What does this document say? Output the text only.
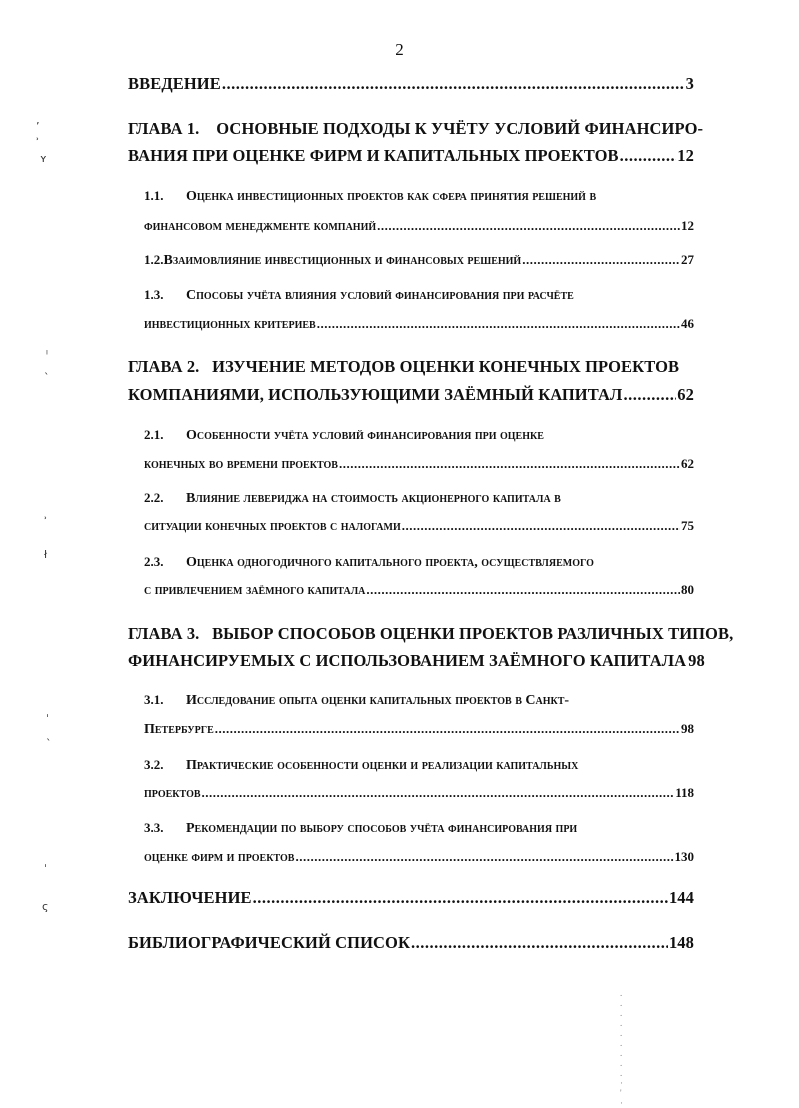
2
ВВЕДЕНИЕ .....	3
ГЛАВА 1.    ОСНОВНЫЕ ПОДХОДЫ К УЧЁТУ УСЛОВИЙ ФИНАНСИРО-
ВАНИЯ ПРИ ОЦЕНКЕ ФИРМ И КАПИТАЛЬНЫХ ПРОЕКТОВ .....	12
1.1.	Оценка инвестиционных проектов как сфера принятия решений в
финансовом менеджменте компаний .....	12
1.2. Взаимовлияние инвестиционных и финансовых решений .....	27
1.3.	Способы учёта влияния условий финансирования при расчёте
инвестиционных критериев .....	46
ГЛАВА 2.   ИЗУЧЕНИЕ МЕТОДОВ ОЦЕНКИ КОНЕЧНЫХ ПРОЕКТОВ
КОМПАНИЯМИ, ИСПОЛЬЗУЮЩИМИ ЗАЁМНЫЙ КАПИТАЛ .....	62
2.1.	Особенности учёта условий финансирования при оценке
конечных во времени проектов .....	62
2.2.	Влияние левериджа на стоимость акционерного капитала в
ситуации конечных проектов с налогами .....	75
2.3.	Оценка одногодичного капитального проекта, осуществляемого
с привлечением заёмного капитала .....	80
ГЛАВА 3.   ВЫБОР СПОСОБОВ ОЦЕНКИ ПРОЕКТОВ РАЗЛИЧНЫХ ТИПОВ,
ФИНАНСИРУЕМЫХ С ИСПОЛЬЗОВАНИЕМ ЗАЁМНОГО КАПИТАЛА 98
3.1.	Исследование опыта оценки капитальных проектов в Санкт-
Петербурге .....	98
3.2.	Практические особенности оценки и реализации капитальных
проектов .....	118
3.3.	Рекомендации по выбору способов учёта финансирования при
оценке фирм и проектов .....	130
ЗАКЛЮЧЕНИЕ .....	144
БИБЛИОГРАФИЧЕСКИЙ СПИСОК .....	148
ʼ ˒
ʏ
ˡ
ˎ
˒
ł
ˈ
ˎ
ˈ
ς
. . . . . . . . . · ' ·
